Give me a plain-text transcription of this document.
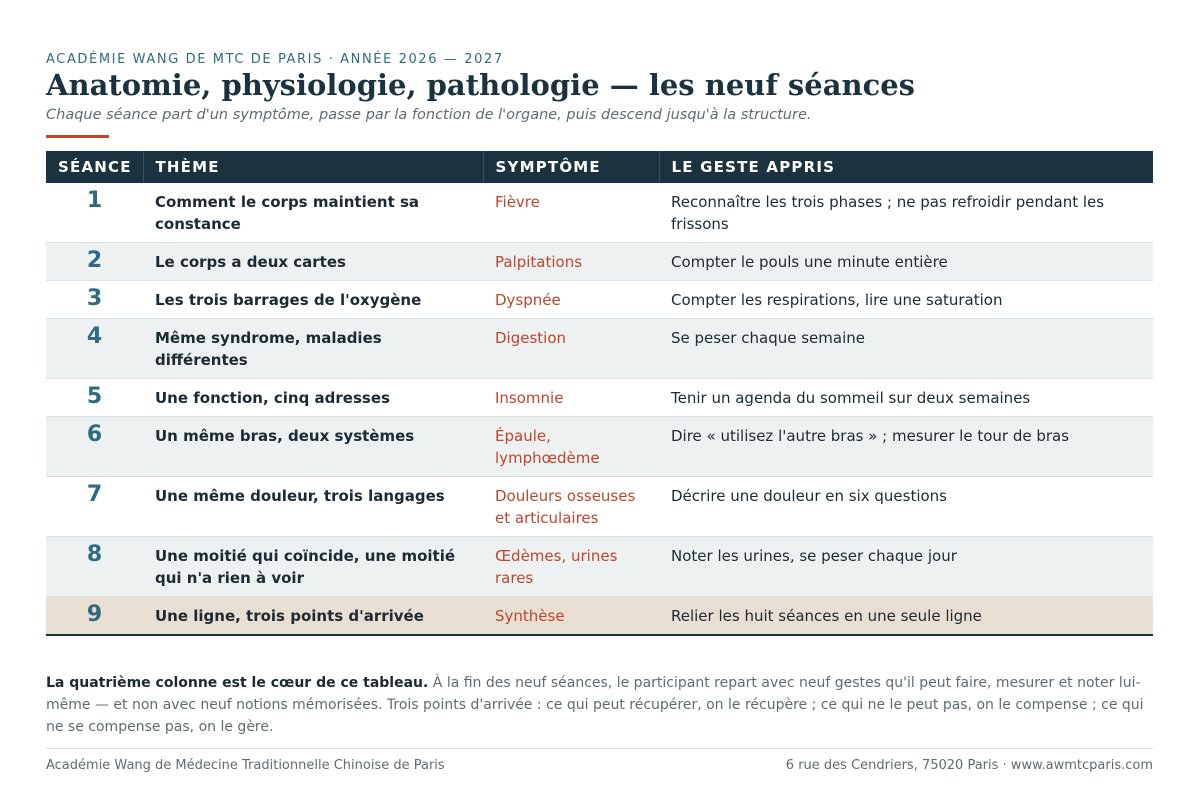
ACADÉMIE WANG DE MTC DE PARIS · ANNÉE 2026 — 2027
Anatomie, physiologie, pathologie — les neuf séances
Chaque séance part d'un symptôme, passe par la fonction de l'organe, puis descend jusqu'à la structure.
SÉANCE	THÈME	SYMPTÔME	LE GESTE APPRIS
1	Comment le corps maintient sa constance	Fièvre	Reconnaître les trois phases ; ne pas refroidir pendant les frissons
2	Le corps a deux cartes	Palpitations	Compter le pouls une minute entière
3	Les trois barrages de l'oxygène	Dyspnée	Compter les respirations, lire une saturation
4	Même syndrome, maladies différentes	Digestion	Se peser chaque semaine
5	Une fonction, cinq adresses	Insomnie	Tenir un agenda du sommeil sur deux semaines
6	Un même bras, deux systèmes	Épaule, lymphœdème	Dire « utilisez l'autre bras » ; mesurer le tour de bras
7	Une même douleur, trois langages	Douleurs osseuses et articulaires	Décrire une douleur en six questions
8	Une moitié qui coïncide, une moitié qui n'a rien à voir	Œdèmes, urines rares	Noter les urines, se peser chaque jour
9	Une ligne, trois points d'arrivée	Synthèse	Relier les huit séances en une seule ligne

La quatrième colonne est le cœur de ce tableau. À la fin des neuf séances, le participant repart avec neuf gestes qu'il peut faire, mesurer et noter lui-même — et non avec neuf notions mémorisées. Trois points d'arrivée : ce qui peut récupérer, on le récupère ; ce qui ne le peut pas, on le compense ; ce qui ne se compense pas, on le gère.

Académie Wang de Médecine Traditionnelle Chinoise de Paris	6 rue des Cendriers, 75020 Paris · www.awmtcparis.com
